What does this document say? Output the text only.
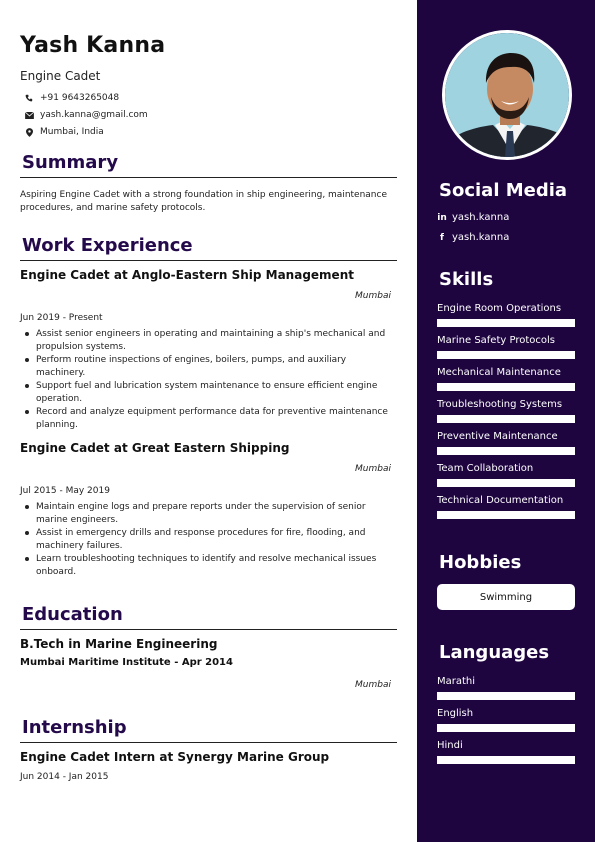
Yash Kanna
Engine Cadet
+91 9643265048
yash.kanna@gmail.com
Mumbai, India
Summary
Aspiring Engine Cadet with a strong foundation in ship engineering, maintenance procedures, and marine safety protocols.
Work Experience
Engine Cadet at Anglo-Eastern Ship Management
Mumbai
Jun 2019 - Present
Assist senior engineers in operating and maintaining a ship's mechanical and propulsion systems.
Perform routine inspections of engines, boilers, pumps, and auxiliary machinery.
Support fuel and lubrication system maintenance to ensure efficient engine operation.
Record and analyze equipment performance data for preventive maintenance planning.
Engine Cadet at Great Eastern Shipping
Mumbai
Jul 2015 - May 2019
Maintain engine logs and prepare reports under the supervision of senior marine engineers.
Assist in emergency drills and response procedures for fire, flooding, and machinery failures.
Learn troubleshooting techniques to identify and resolve mechanical issues onboard.
Education
B.Tech in Marine Engineering
Mumbai Maritime Institute - Apr 2014
Mumbai
Internship
Engine Cadet Intern at Synergy Marine Group
Jun 2014 - Jan 2015
Social Media
in yash.kanna
f yash.kanna
Skills
Engine Room Operations
Marine Safety Protocols
Mechanical Maintenance
Troubleshooting Systems
Preventive Maintenance
Team Collaboration
Technical Documentation
Hobbies
Swimming
Languages
Marathi
English
Hindi
